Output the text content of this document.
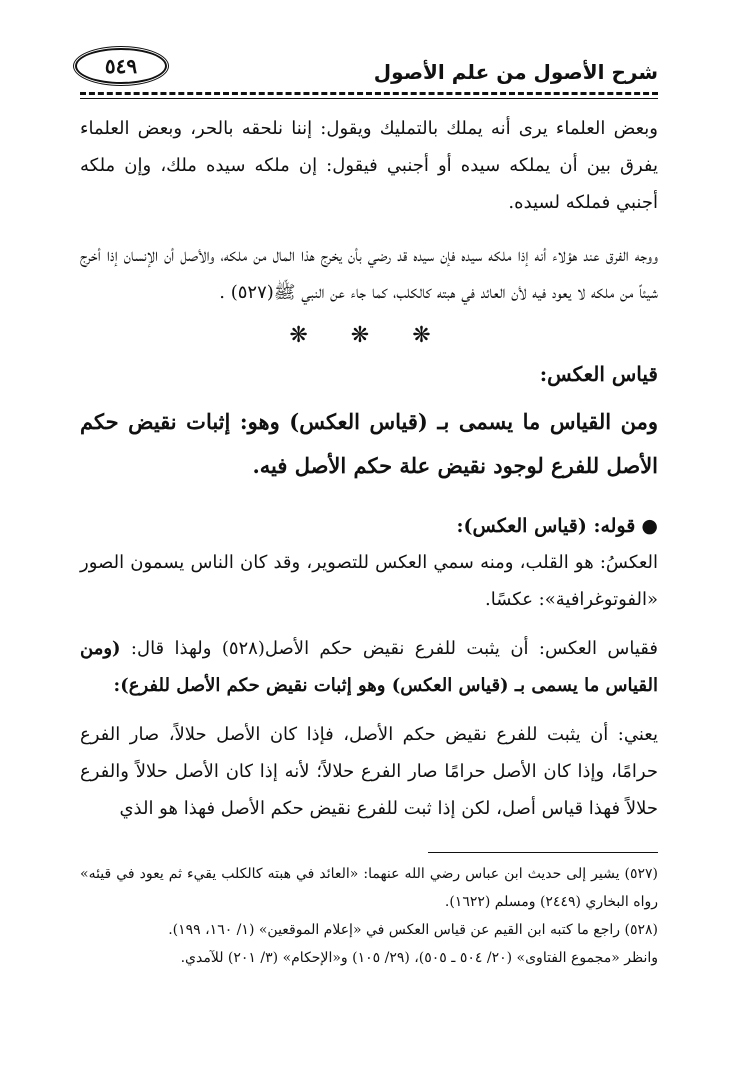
شرح الأصول من علم الأصول
٥٤٩

وبعض العلماء يرى أنه يملك بالتمليك ويقول: إننا نلحقه بالحر، وبعض العلماء يفرق بين أن يملكه سيده أو أجنبي فيقول: إن ملكه سيده ملك، وإن ملكه أجنبي فملكه لسيده.

ووجه الفرق عند هؤلاء أنه إذا ملكه سيده فإن سيده قد رضي بأن يخرج هذا المال من ملكه، والأصل أن الإنسان إذا أخرج شيئاً من ملكه لا يعود فيه لأن العائد في هبته كالكلب، كما جاء عن النبي ﷺ(٥٢٧) .

❋ ❋ ❋
قياس العكس:

ومن القياس ما يسمى بـ (قياس العكس) وهو: إثبات نقيض حكم الأصل للفرع لوجود نقيض علة حكم الأصل فيه.

● قوله: (قياس العكس):

العكسُ: هو القلب، ومنه سمي العكس للتصوير، وقد كان الناس يسمون الصور «الفوتوغرافية»: عكسًا.

فقياس العكس: أن يثبت للفرع نقيض حكم الأصل(٥٢٨) ولهذا قال: (ومن القياس ما يسمى بـ (قياس العكس) وهو إثبات نقيض حكم الأصل للفرع):

يعني: أن يثبت للفرع نقيض حكم الأصل، فإذا كان الأصل حلالاً، صار الفرع حرامًا، وإذا كان الأصل حرامًا صار الفرع حلالاً؛ لأنه إذا كان الأصل حلالاً والفرع حلالاً فهذا قياس أصل، لكن إذا ثبت للفرع نقيض حكم الأصل فهذا هو الذي

(٥٢٧) يشير إلى حديث ابن عباس رضي الله عنهما: «العائد في هبته كالكلب يقيء ثم يعود في قيئه» رواه البخاري (٢٤٤٩) ومسلم (١٦٢٢).

(٥٢٨) راجع ما كتبه ابن القيم عن قياس العكس في «إعلام الموقعين» (١/ ١٦٠، ١٩٩).

وانظر «مجموع الفتاوى» (٢٠/ ٥٠٤ ـ ٥٠٥)، (٢٩/ ١٠٥) و«الإحكام» (٣/ ٢٠١) للآمدي.
